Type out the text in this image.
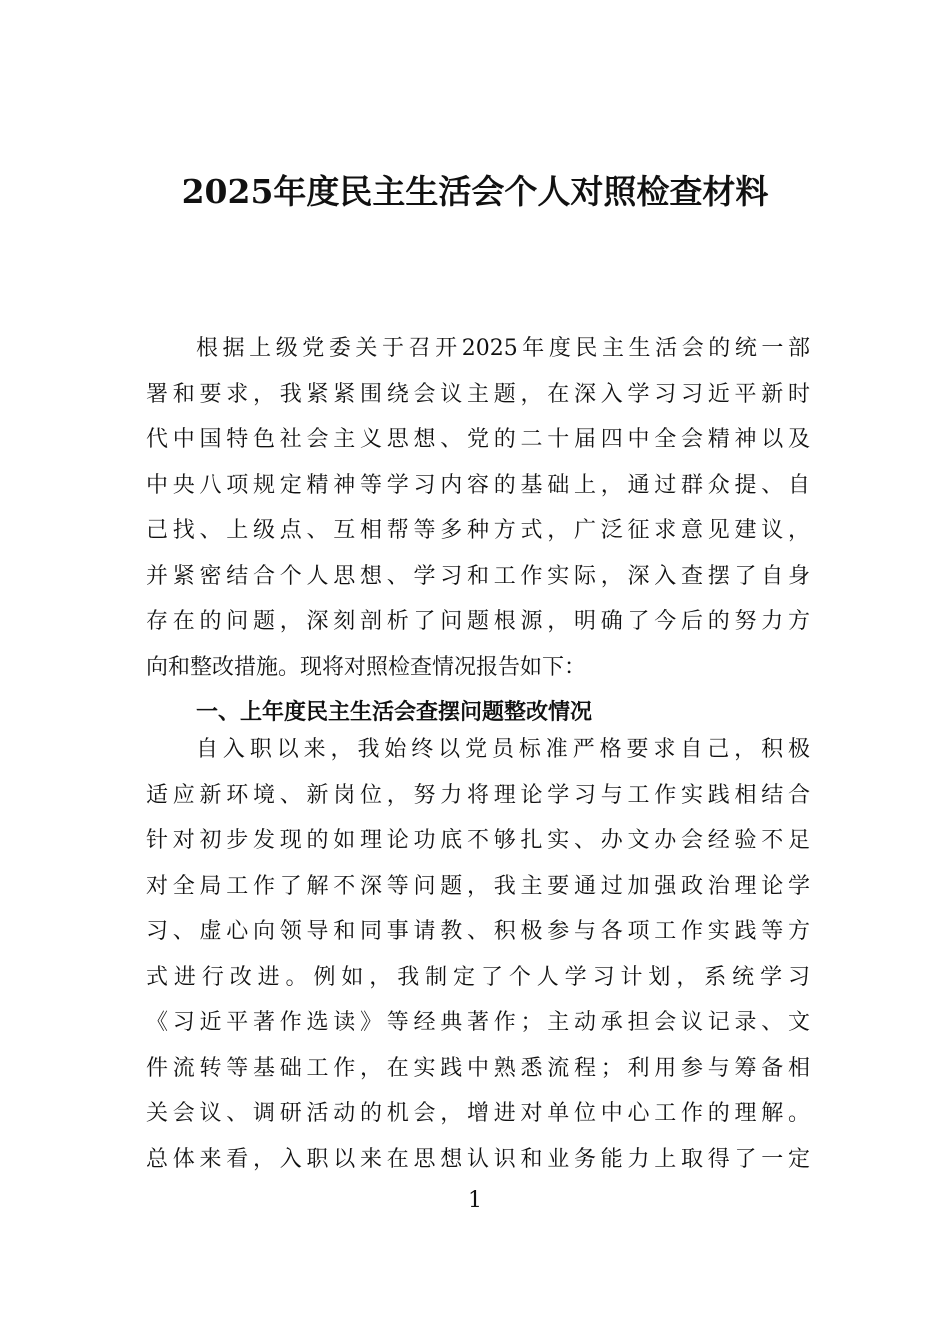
2025年度民主生活会个人对照检查材料
根据上级党委关于召开2025年度民主生活会的统一部
署和要求，我紧紧围绕会议主题，在深入学习习近平新时
代中国特色社会主义思想、党的二十届四中全会精神以及
中央八项规定精神等学习内容的基础上，通过群众提、自
己找、上级点、互相帮等多种方式，广泛征求意见建议，
并紧密结合个人思想、学习和工作实际，深入查摆了自身
存在的问题，深刻剖析了问题根源，明确了今后的努力方
向和整改措施。现将对照检查情况报告如下：
一、上年度民主生活会查摆问题整改情况
自入职以来，我始终以党员标准严格要求自己，积极
适应新环境、新岗位，努力将理论学习与工作实践相结合
针对初步发现的如理论功底不够扎实、办文办会经验不足
对全局工作了解不深等问题，我主要通过加强政治理论学
习、虚心向领导和同事请教、积极参与各项工作实践等方
式进行改进。例如，我制定了个人学习计划，系统学习
《习近平著作选读》等经典著作；主动承担会议记录、文
件流转等基础工作，在实践中熟悉流程；利用参与筹备相
关会议、调研活动的机会，增进对单位中心工作的理解。
总体来看，入职以来在思想认识和业务能力上取得了一定
1
